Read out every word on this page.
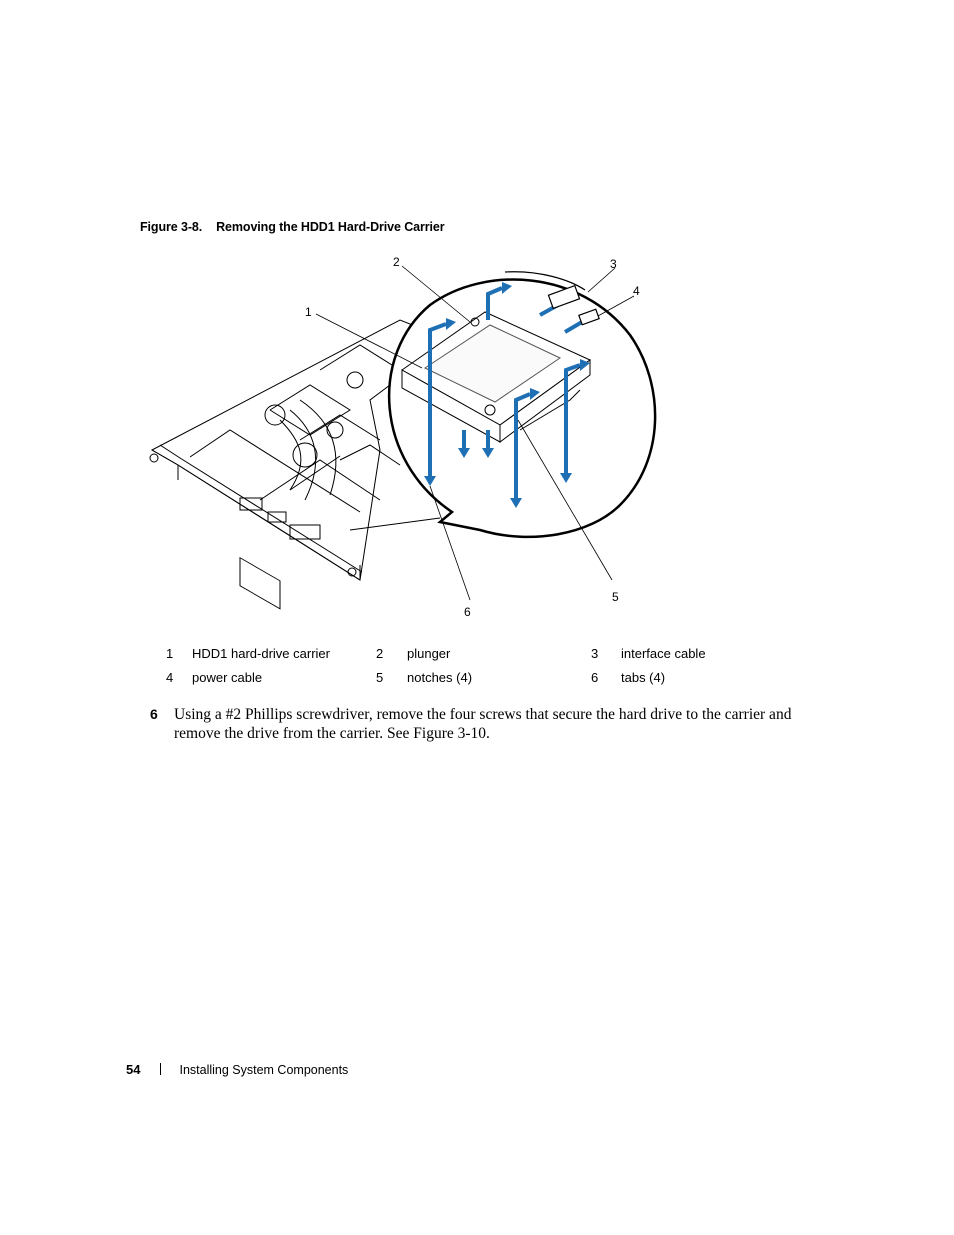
Figure 3-8. Removing the HDD1 Hard-Drive Carrier
1
2	3
4
5
6
1 HDD1 hard-drive carrier	2 plunger	3 interface cable
4 power cable	5 notches (4)	6 tabs (4)
6 Using a #2 Phillips screwdriver, remove the four screws that secure the hard drive to the carrier and remove the drive from the carrier. See Figure 3-10.
54	Installing System Components
